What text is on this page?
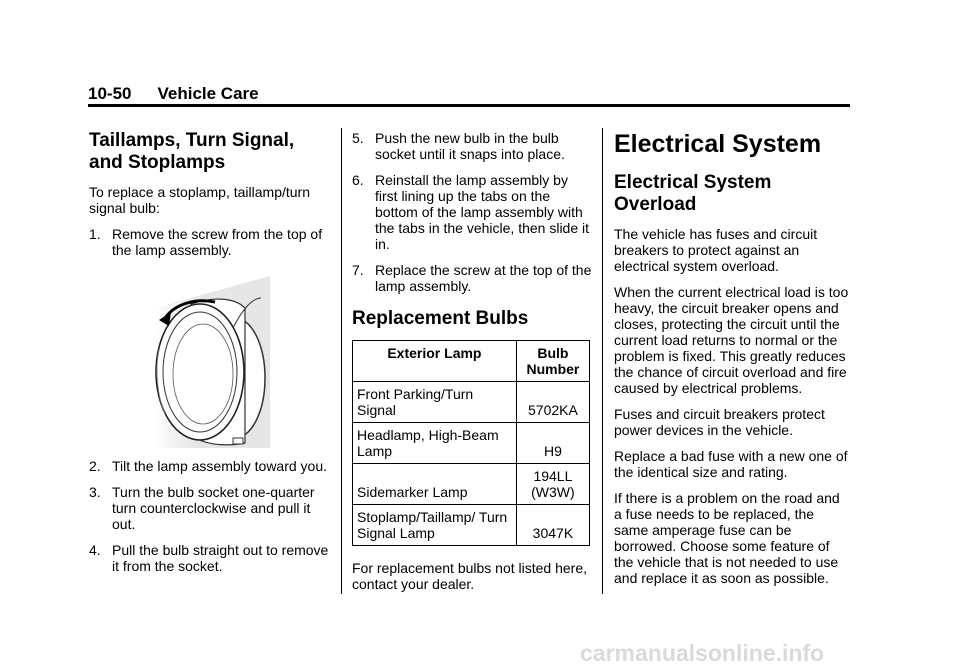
10-50 Vehicle Care
Taillamps, Turn Signal, and Stoplamps

To replace a stoplamp, taillamp/turn signal bulb:

1. Remove the screw from the top of the lamp assembly.
2. Tilt the lamp assembly toward you.
3. Turn the bulb socket one-quarter turn counterclockwise and pull it out.
4. Pull the bulb straight out to remove it from the socket.
5. Push the new bulb in the bulb socket until it snaps into place.
6. Reinstall the lamp assembly by first lining up the tabs on the bottom of the lamp assembly with the tabs in the vehicle, then slide it in.
7. Replace the screw at the top of the lamp assembly.
Replacement Bulbs
Exterior Lamp	Bulb Number
Front Parking/Turn Signal	5702KA
Headlamp, High-Beam Lamp	H9
Sidemarker Lamp	194LL (W3W)
Stoplamp/Taillamp/ Turn Signal Lamp	3047K

For replacement bulbs not listed here, contact your dealer.

Electrical System
Electrical System Overload

The vehicle has fuses and circuit breakers to protect against an electrical system overload.

When the current electrical load is too heavy, the circuit breaker opens and closes, protecting the circuit until the current load returns to normal or the problem is fixed. This greatly reduces the chance of circuit overload and fire caused by electrical problems.

Fuses and circuit breakers protect power devices in the vehicle.

Replace a bad fuse with a new one of the identical size and rating.

If there is a problem on the road and a fuse needs to be replaced, the same amperage fuse can be borrowed. Choose some feature of the vehicle that is not needed to use and replace it as soon as possible.

carmanualsonline.info
